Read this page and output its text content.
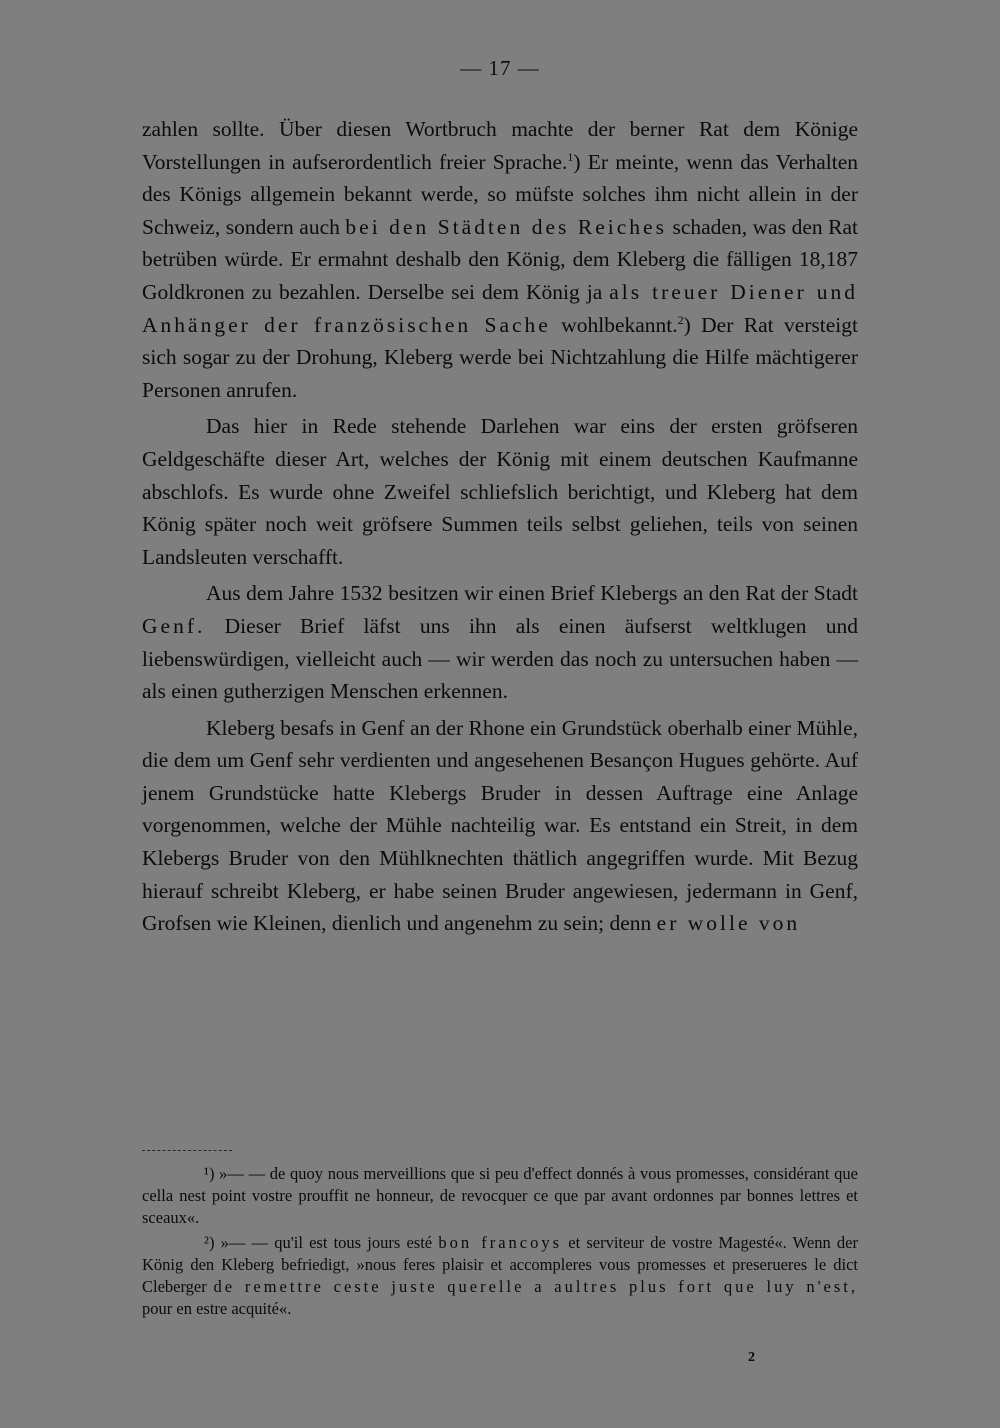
— 17 —

zahlen sollte. Über diesen Wortbruch machte der berner Rat dem Könige Vorstellungen in aufserordentlich freier Sprache.$^1$) Er meinte, wenn das Verhalten des Königs allgemein bekannt werde, so müfste solches ihm nicht allein in der Schweiz, sondern auch bei den Städten des Reiches schaden, was den Rat betrüben würde. Er ermahnt deshalb den König, dem Kleberg die fälligen 18,187 Goldkronen zu bezahlen. Derselbe sei dem König ja als treuer Diener und Anhänger der französischen Sache wohlbekannt.$^2$) Der Rat versteigt sich sogar zu der Drohung, Kleberg werde bei Nichtzahlung die Hilfe mächtigerer Personen anrufen.

Das hier in Rede stehende Darlehen war eins der ersten gröfseren Geldgeschäfte dieser Art, welches der König mit einem deutschen Kaufmanne abschlofs. Es wurde ohne Zweifel schliefslich berichtigt, und Kleberg hat dem König später noch weit gröfsere Summen teils selbst geliehen, teils von seinen Landsleuten verschafft.

Aus dem Jahre 1532 besitzen wir einen Brief Klebergs an den Rat der Stadt Genf. Dieser Brief läfst uns ihn als einen äufserst weltklugen und liebenswürdigen, vielleicht auch — wir werden das noch zu untersuchen haben — als einen gutherzigen Menschen erkennen.

Kleberg besafs in Genf an der Rhone ein Grundstück oberhalb einer Mühle, die dem um Genf sehr verdienten und angesehenen Besançon Hugues gehörte. Auf jenem Grundstücke hatte Klebergs Bruder in dessen Auftrage eine Anlage vorgenommen, welche der Mühle nachteilig war. Es entstand ein Streit, in dem Klebergs Bruder von den Mühlknechten thätlich angegriffen wurde. Mit Bezug hierauf schreibt Kleberg, er habe seinen Bruder angewiesen, jedermann in Genf, Grofsen wie Kleinen, dienlich und angenehm zu sein; denn er wolle von

¹) »— — de quoy nous merveillions que si peu d'effect donnés à vous promesses, considérant que cella nest point vostre prouffit ne honneur, de revocquer ce que par avant ordonnes par bonnes lettres et sceaux«.

²) »— — qu'il est tous jours esté bon francoys et serviteur de vostre Magesté«. Wenn der König den Kleberg befriedigt, »nous feres plaisir et accompleres vous promesses et preserueres le dict Cleberger de remettre ceste juste querelle a aultres plus fort que luy n'est, pour en estre acquité«.

2
